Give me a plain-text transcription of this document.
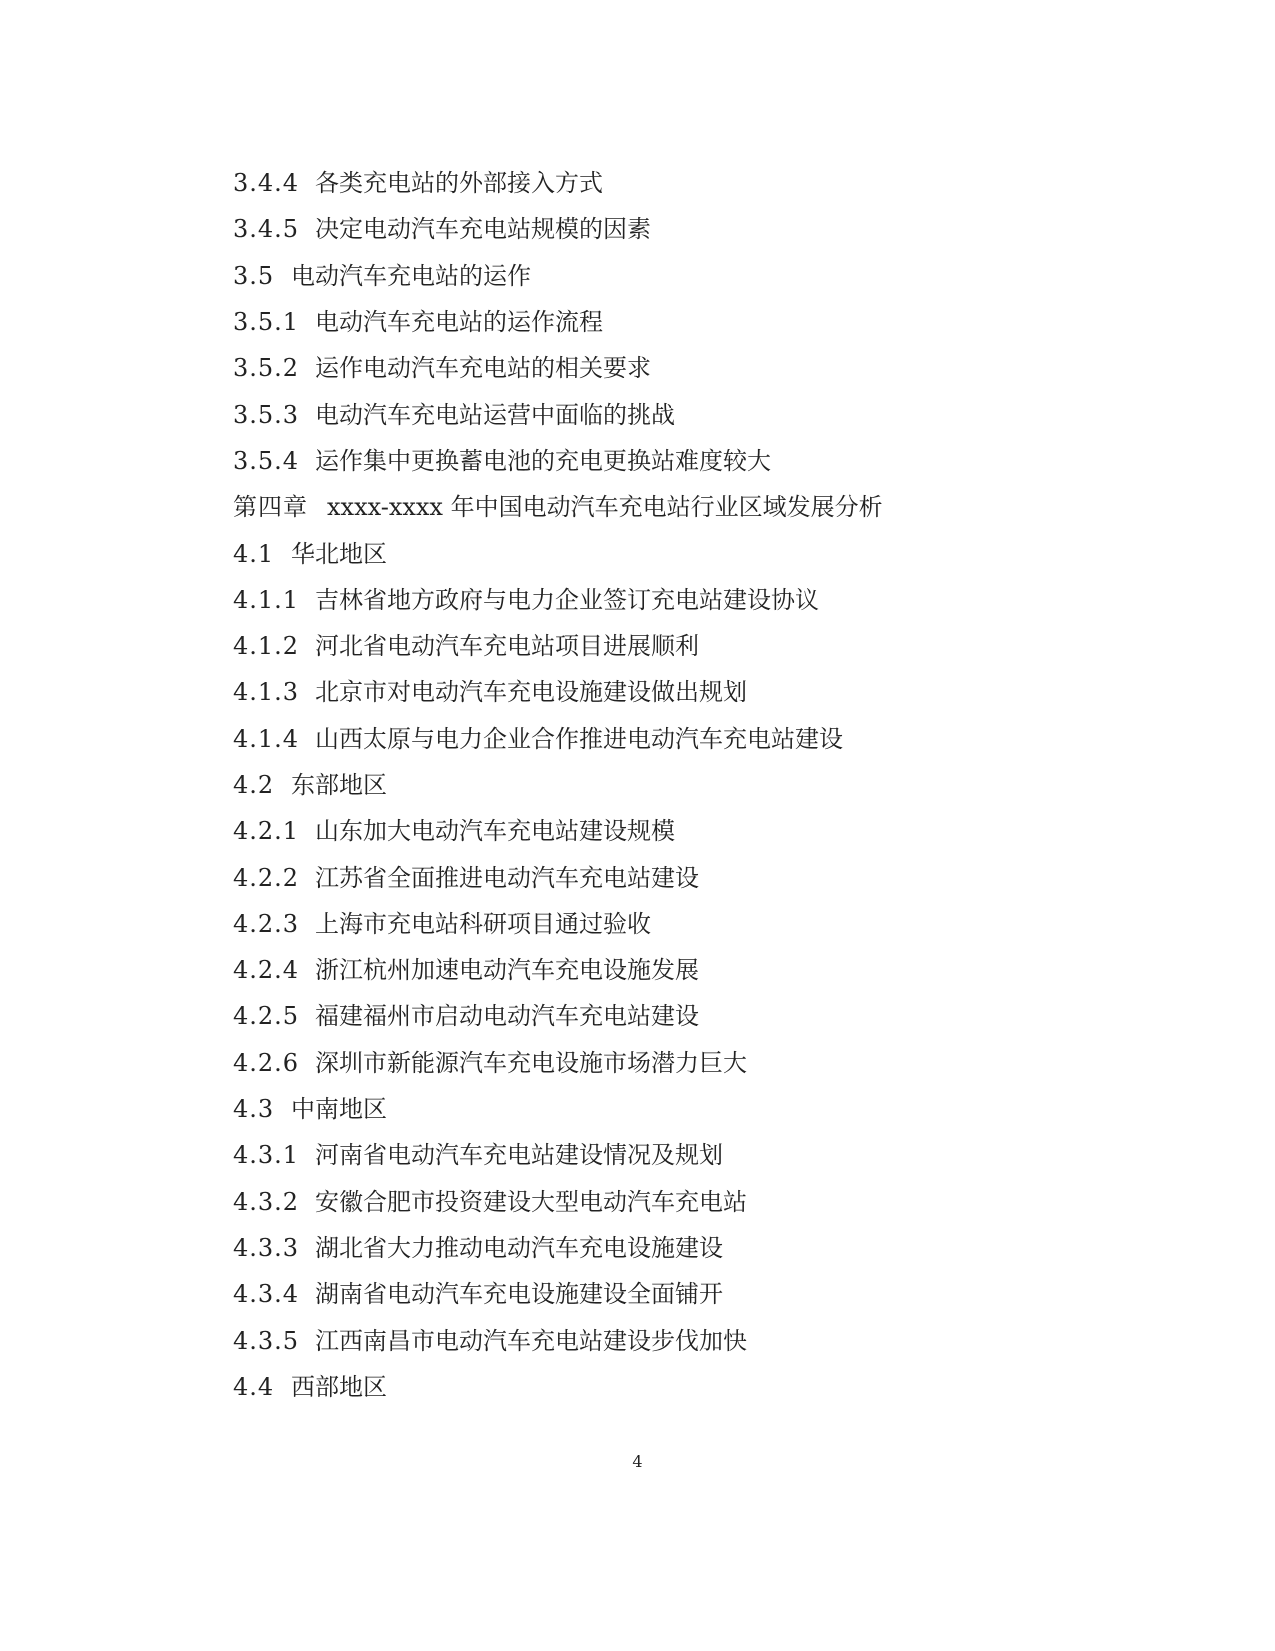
3.4.4 各类充电站的外部接入方式
3.4.5 决定电动汽车充电站规模的因素
3.5 电动汽车充电站的运作
3.5.1 电动汽车充电站的运作流程
3.5.2 运作电动汽车充电站的相关要求
3.5.3 电动汽车充电站运营中面临的挑战
3.5.4 运作集中更换蓄电池的充电更换站难度较大
第四章 xxxx-xxxx 年中国电动汽车充电站行业区域发展分析
4.1 华北地区
4.1.1 吉林省地方政府与电力企业签订充电站建设协议
4.1.2 河北省电动汽车充电站项目进展顺利
4.1.3 北京市对电动汽车充电设施建设做出规划
4.1.4 山西太原与电力企业合作推进电动汽车充电站建设
4.2 东部地区
4.2.1 山东加大电动汽车充电站建设规模
4.2.2 江苏省全面推进电动汽车充电站建设
4.2.3 上海市充电站科研项目通过验收
4.2.4 浙江杭州加速电动汽车充电设施发展
4.2.5 福建福州市启动电动汽车充电站建设
4.2.6 深圳市新能源汽车充电设施市场潜力巨大
4.3 中南地区
4.3.1 河南省电动汽车充电站建设情况及规划
4.3.2 安徽合肥市投资建设大型电动汽车充电站
4.3.3 湖北省大力推动电动汽车充电设施建设
4.3.4 湖南省电动汽车充电设施建设全面铺开
4.3.5 江西南昌市电动汽车充电站建设步伐加快
4.4 西部地区
4
